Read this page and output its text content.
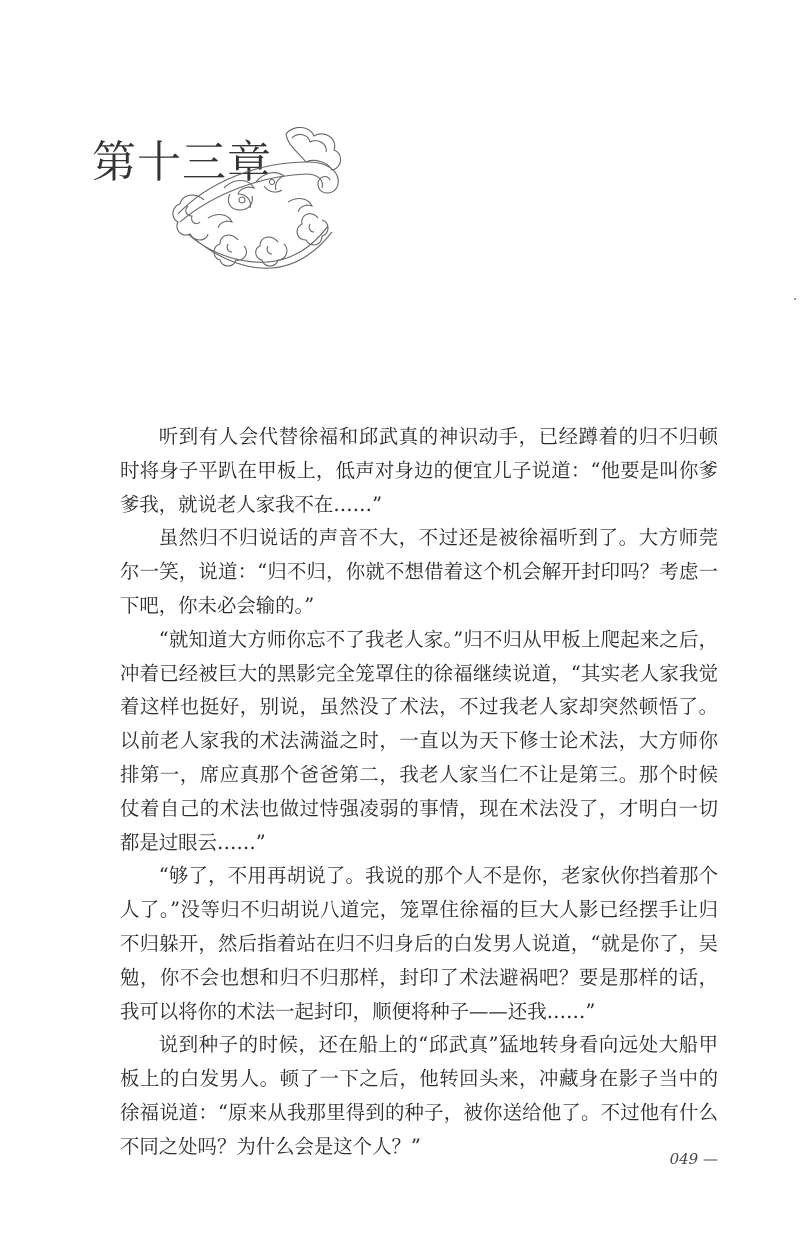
第十三章

听到有人会代替徐福和邱武真的神识动手，已经蹲着的归不归顿时将身子平趴在甲板上，低声对身边的便宜儿子说道：“他要是叫你爹爹我，就说老人家我不在……”

虽然归不归说话的声音不大，不过还是被徐福听到了。大方师莞尔一笑，说道：“归不归，你就不想借着这个机会解开封印吗？考虑一下吧，你未必会输的。”

“就知道大方师你忘不了我老人家。”归不归从甲板上爬起来之后，冲着已经被巨大的黑影完全笼罩住的徐福继续说道，“其实老人家我觉着这样也挺好，别说，虽然没了术法，不过我老人家却突然顿悟了。以前老人家我的术法满溢之时，一直以为天下修士论术法，大方师你排第一，席应真那个爸爸第二，我老人家当仁不让是第三。那个时候仗着自己的术法也做过恃强凌弱的事情，现在术法没了，才明白一切都是过眼云……”

“够了，不用再胡说了。我说的那个人不是你，老家伙你挡着那个人了。”没等归不归胡说八道完，笼罩住徐福的巨大人影已经摆手让归不归躲开，然后指着站在归不归身后的白发男人说道，“就是你了，吴勉，你不会也想和归不归那样，封印了术法避祸吧？要是那样的话，我可以将你的术法一起封印，顺便将种子——还我……”

说到种子的时候，还在船上的“邱武真”猛地转身看向远处大船甲板上的白发男人。顿了一下之后，他转回头来，冲藏身在影子当中的徐福说道：“原来从我那里得到的种子，被你送给他了。不过他有什么不同之处吗？为什么会是这个人？”

049 —
